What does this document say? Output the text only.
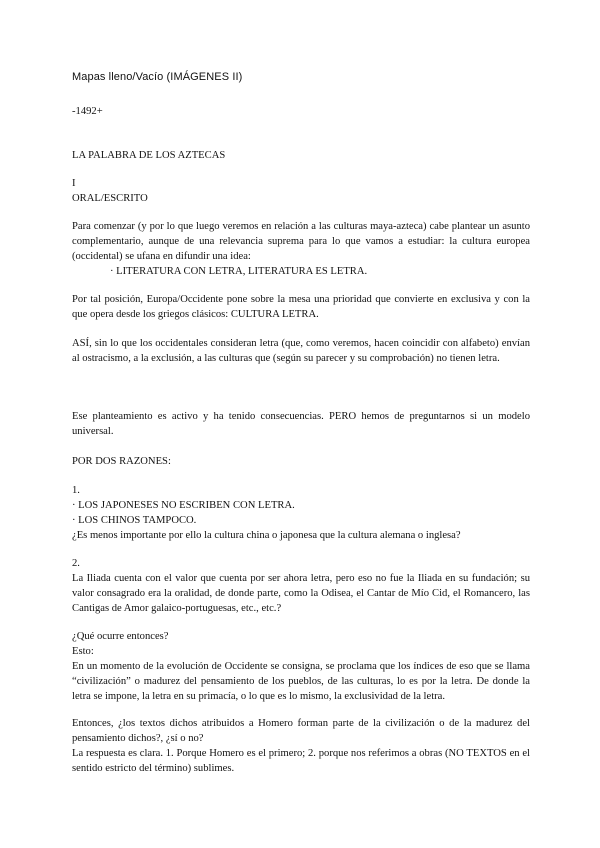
Mapas lleno/Vacío (IMÁGENES II)
-1492+
LA PALABRA DE LOS AZTECAS
I
ORAL/ESCRITO
Para comenzar (y por lo que luego veremos en relación a las culturas maya-azteca) cabe plantear un asunto complementario, aunque de una relevancia suprema para lo que vamos a estudiar: la cultura europea (occidental) se ufana en difundir una idea:
· LITERATURA CON LETRA, LITERATURA ES LETRA.
Por tal posición, Europa/Occidente pone sobre la mesa una prioridad que convierte en exclusiva y con la que opera desde los griegos clásicos: CULTURA LETRA.
ASÍ, sin lo que los occidentales consideran letra (que, como veremos, hacen coincidir con alfabeto) envían al ostracismo, a la exclusión, a las culturas que (según su parecer y su comprobación) no tienen letra.
Ese planteamiento es activo y ha tenido consecuencias. PERO hemos de preguntarnos si un modelo universal.
POR DOS RAZONES:
1.
· LOS JAPONESES NO ESCRIBEN CON LETRA.
· LOS CHINOS TAMPOCO.
¿Es menos importante por ello la cultura china o japonesa que la cultura alemana o inglesa?
2.
La Iliada cuenta con el valor que cuenta por ser ahora letra, pero eso no fue la Iliada en su fundación; su valor consagrado era la oralidad, de donde parte, como la Odisea, el Cantar de Mío Cid, el Romancero, las Cantigas de Amor galaico-portuguesas, etc., etc.?
¿Qué ocurre entonces?
Esto:
En un momento de la evolución de Occidente se consigna, se proclama que los índices de eso que se llama “civilización” o madurez del pensamiento de los pueblos, de las culturas, lo es por la letra. De donde la letra se impone, la letra en su primacía, o lo que es lo mismo, la exclusividad de la letra.
Entonces, ¿los textos dichos atribuidos a Homero forman parte de la civilización o de la madurez del pensamiento dichos?, ¿sí o no?
La respuesta es clara. 1. Porque Homero es el primero; 2. porque nos referimos a obras (NO TEXTOS en el sentido estricto del término) sublimes.
